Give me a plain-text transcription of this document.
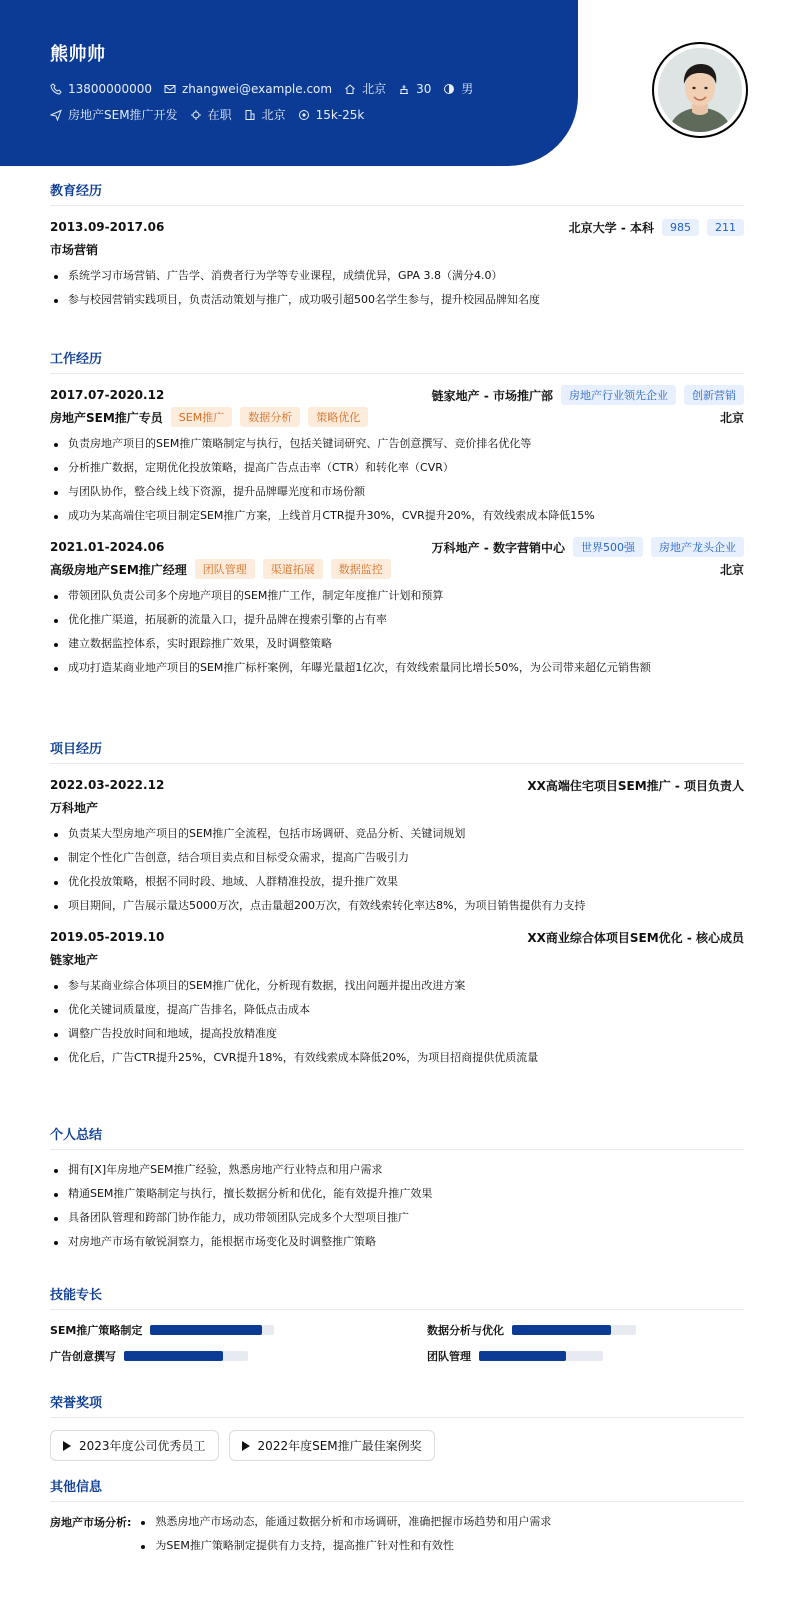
熊帅帅
13800000000	zhangwei@example.com	北京	30	男
房地产SEM推广开发	在职	北京	15k-25k
教育经历
2013.09-2017.06	北京大学 - 本科	985	211
市场营销
系统学习市场营销、广告学、消费者行为学等专业课程，成绩优异，GPA 3.8（满分4.0）
参与校园营销实践项目，负责活动策划与推广，成功吸引超500名学生参与，提升校园品牌知名度
工作经历
2017.07-2020.12	链家地产 - 市场推广部	房地产行业领先企业	创新营销
房地产SEM推广专员	SEM推广	数据分析	策略优化	北京
负责房地产项目的SEM推广策略制定与执行，包括关键词研究、广告创意撰写、竞价排名优化等
分析推广数据，定期优化投放策略，提高广告点击率（CTR）和转化率（CVR）
与团队协作，整合线上线下资源，提升品牌曝光度和市场份额
成功为某高端住宅项目制定SEM推广方案，上线首月CTR提升30%，CVR提升20%，有效线索成本降低15%
2021.01-2024.06	万科地产 - 数字营销中心	世界500强	房地产龙头企业
高级房地产SEM推广经理	团队管理	渠道拓展	数据监控	北京
带领团队负责公司多个房地产项目的SEM推广工作，制定年度推广计划和预算
优化推广渠道，拓展新的流量入口，提升品牌在搜索引擎的占有率
建立数据监控体系，实时跟踪推广效果，及时调整策略
成功打造某商业地产项目的SEM推广标杆案例，年曝光量超1亿次，有效线索量同比增长50%，为公司带来超亿元销售额
项目经历
2022.03-2022.12	XX高端住宅项目SEM推广 - 项目负责人
万科地产
负责某大型房地产项目的SEM推广全流程，包括市场调研、竞品分析、关键词规划
制定个性化广告创意，结合项目卖点和目标受众需求，提高广告吸引力
优化投放策略，根据不同时段、地域、人群精准投放，提升推广效果
项目期间，广告展示量达5000万次，点击量超200万次，有效线索转化率达8%，为项目销售提供有力支持
2019.05-2019.10	XX商业综合体项目SEM优化 - 核心成员
链家地产
参与某商业综合体项目的SEM推广优化，分析现有数据，找出问题并提出改进方案
优化关键词质量度，提高广告排名，降低点击成本
调整广告投放时间和地域，提高投放精准度
优化后，广告CTR提升25%，CVR提升18%，有效线索成本降低20%，为项目招商提供优质流量
个人总结
拥有[X]年房地产SEM推广经验，熟悉房地产行业特点和用户需求
精通SEM推广策略制定与执行，擅长数据分析和优化，能有效提升推广效果
具备团队管理和跨部门协作能力，成功带领团队完成多个大型项目推广
对房地产市场有敏锐洞察力，能根据市场变化及时调整推广策略
技能专长
SEM推广策略制定	数据分析与优化
广告创意撰写	团队管理
荣誉奖项
2023年度公司优秀员工	2022年度SEM推广最佳案例奖
其他信息
房地产市场分析:	熟悉房地产市场动态，能通过数据分析和市场调研，准确把握市场趋势和用户需求
为SEM推广策略制定提供有力支持，提高推广针对性和有效性
